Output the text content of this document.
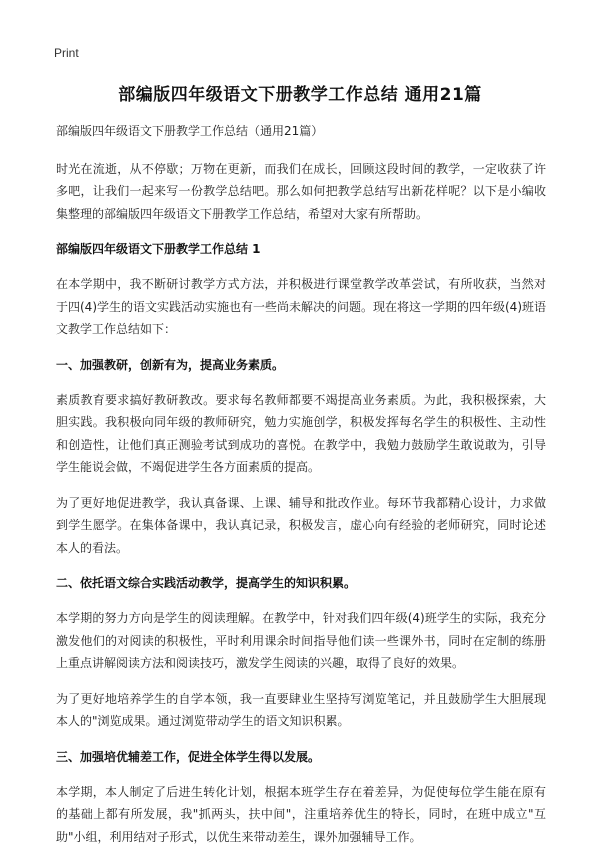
Print
部编版四年级语文下册教学工作总结 通用21篇

部编版四年级语文下册教学工作总结（通用21篇）

时光在流逝，从不停歇；万物在更新，而我们在成长，回顾这段时间的教学，一定收获了许多吧，让我们一起来写一份教学总结吧。那么如何把教学总结写出新花样呢？以下是小编收集整理的部编版四年级语文下册教学工作总结，希望对大家有所帮助。

部编版四年级语文下册教学工作总结 1

在本学期中，我不断研讨教学方式方法，并积极进行课堂教学改革尝试，有所收获，当然对于四(4)学生的语文实践活动实施也有一些尚未解决的问题。现在将这一学期的四年级(4)班语文教学工作总结如下：

一、加强教研，创新有为，提高业务素质。

素质教育要求搞好教研教改。要求每名教师都要不竭提高业务素质。为此，我积极探索，大胆实践。我积极向同年级的教师研究，勉力实施创学，积极发挥每名学生的积极性、主动性和创造性，让他们真正测验考试到成功的喜悦。在教学中，我勉力鼓励学生敢说敢为，引导学生能说会做，不竭促进学生各方面素质的提高。

为了更好地促进教学，我认真备课、上课、辅导和批改作业。每环节我都精心设计，力求做到学生愿学。在集体备课中，我认真记录，积极发言，虚心向有经验的老师研究，同时论述本人的看法。

二、依托语文综合实践活动教学，提高学生的知识积累。

本学期的努力方向是学生的阅读理解。在教学中，针对我们四年级(4)班学生的实际，我充分激发他们的对阅读的积极性，平时利用课余时间指导他们读一些课外书，同时在定制的练册上重点讲解阅读方法和阅读技巧，激发学生阅读的兴趣，取得了良好的效果。

为了更好地培养学生的自学本领，我一直要肆业生坚持写浏览笔记，并且鼓励学生大胆展现本人的"浏览成果。通过浏览带动学生的语文知识积累。

三、加强培优辅差工作，促进全体学生得以发展。

本学期，本人制定了后进生转化计划，根据本班学生存在着差异，为促使每位学生能在原有的基础上都有所发展，我"抓两头，扶中间"，注重培养优生的特长，同时，在班中成立"互助"小组，利用结对子形式，以优生来带动差生，课外加强辅导工作。
